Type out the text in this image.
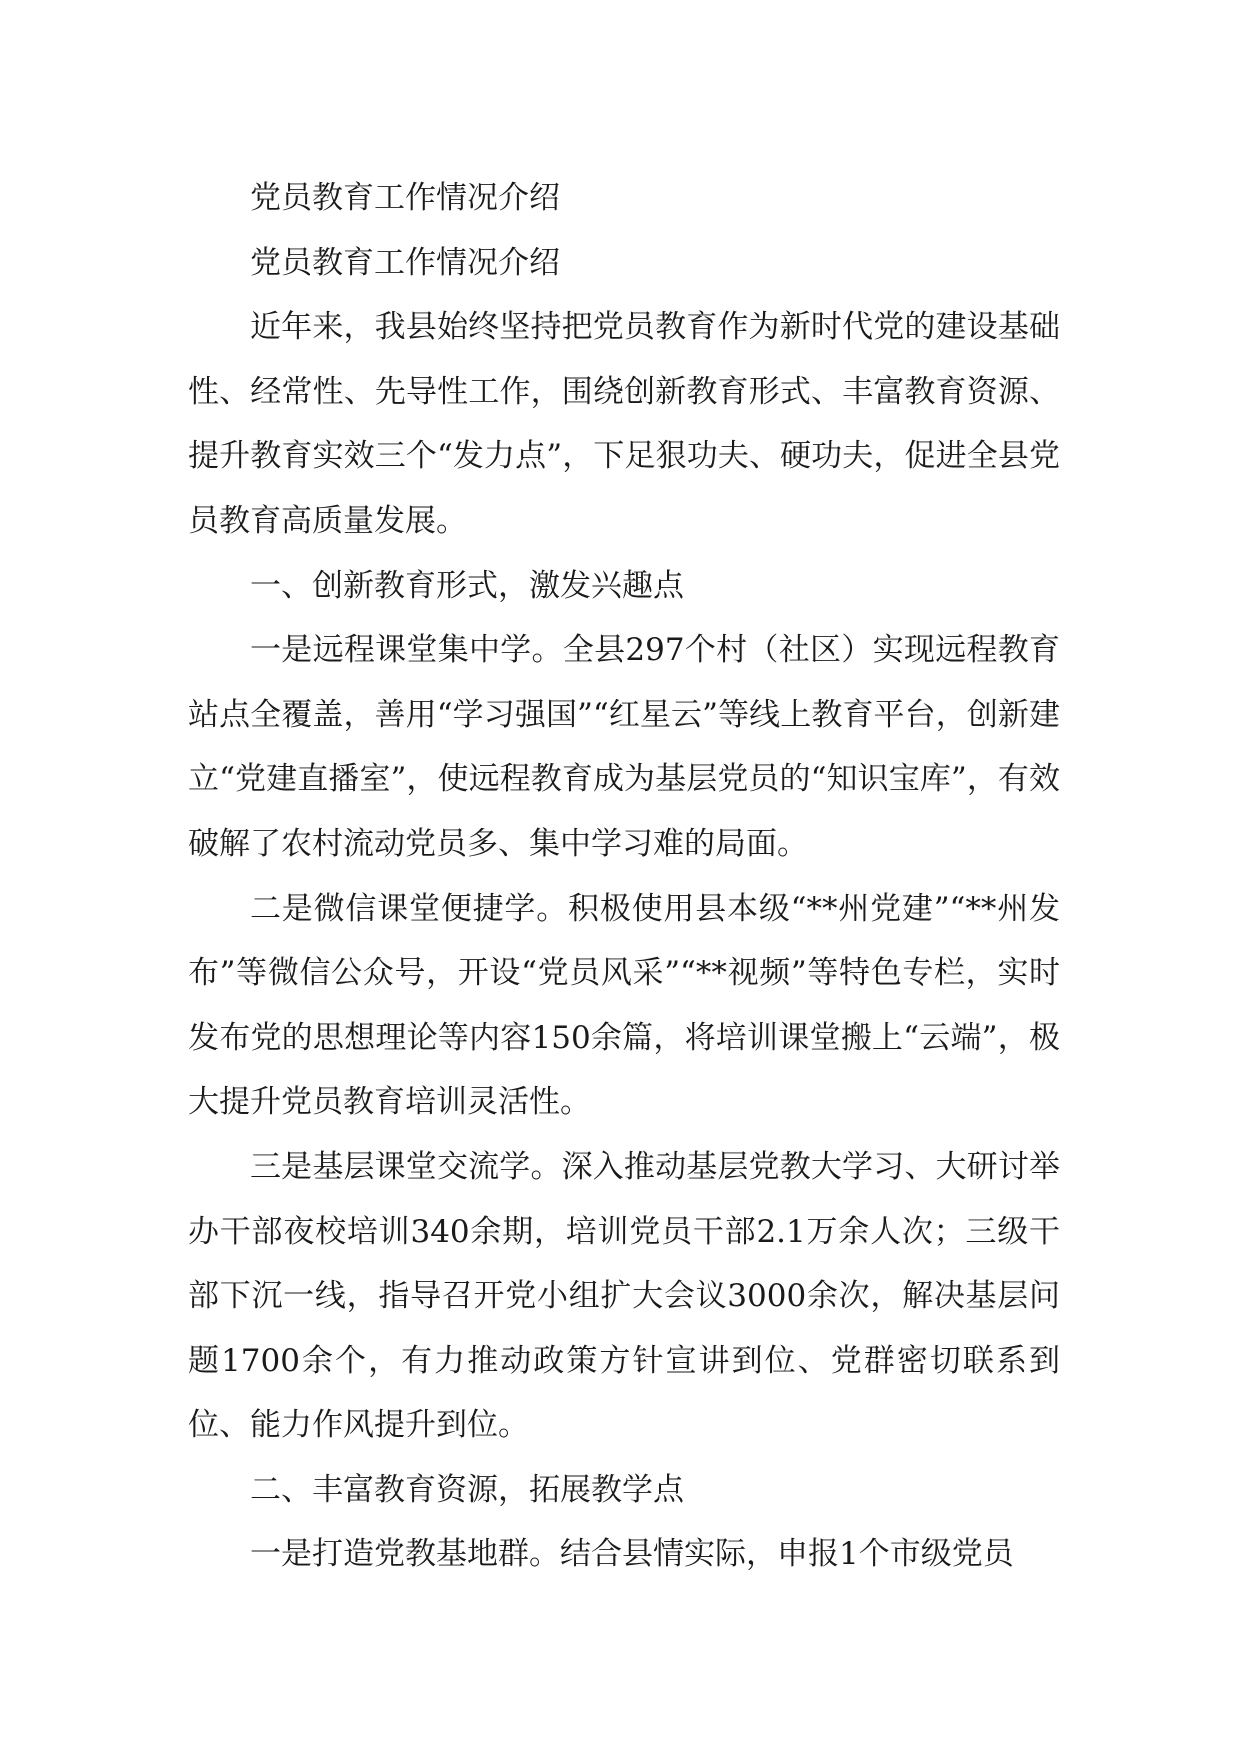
党员教育工作情况介绍

党员教育工作情况介绍

近年来，我县始终坚持把党员教育作为新时代党的建设基础性、经常性、先导性工作，围绕创新教育形式、丰富教育资源、提升教育实效三个“发力点”，下足狠功夫、硬功夫，促进全县党员教育高质量发展。

一、创新教育形式，激发兴趣点

一是远程课堂集中学。全县297个村（社区）实现远程教育站点全覆盖，善用“学习强国”“红星云”等线上教育平台，创新建立“党建直播室”，使远程教育成为基层党员的“知识宝库”，有效破解了农村流动党员多、集中学习难的局面。

二是微信课堂便捷学。积极使用县本级“**州党建”“**州发布”等微信公众号，开设“党员风采”“**视频”等特色专栏，实时发布党的思想理论等内容150余篇，将培训课堂搬上“云端”，极大提升党员教育培训灵活性。

三是基层课堂交流学。深入推动基层党教大学习、大研讨举办干部夜校培训340余期，培训党员干部2.1万余人次；三级干部下沉一线，指导召开党小组扩大会议3000余次，解决基层问题1700余个，有力推动政策方针宣讲到位、党群密切联系到位、能力作风提升到位。

二、丰富教育资源，拓展教学点

一是打造党教基地群。结合县情实际，申报1个市级党员
